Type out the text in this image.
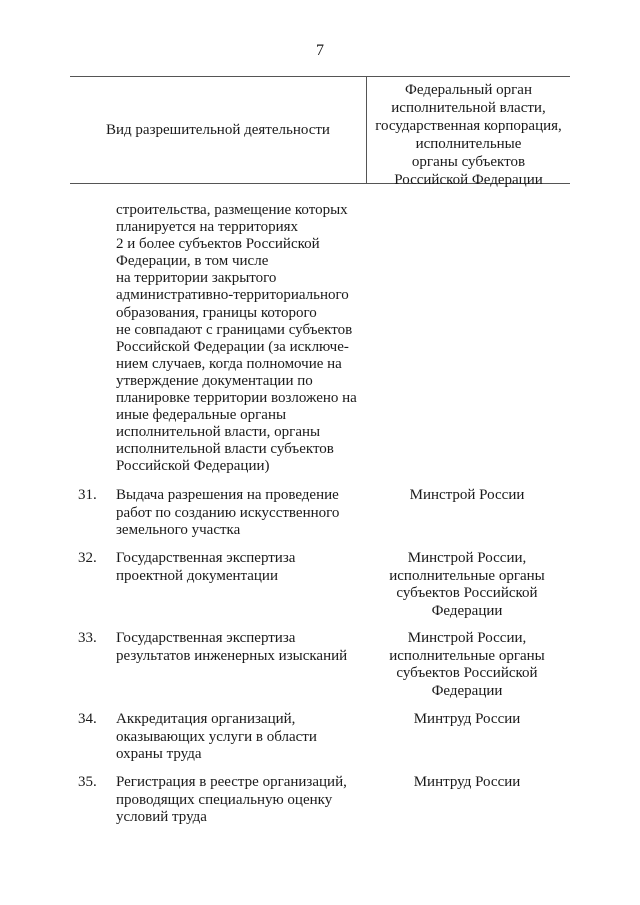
7
Вид разрешительной деятельности
Федеральный орган
исполнительной власти,
государственная корпорация,
исполнительные
органы субъектов
Российской Федерации
строительства, размещение которых
планируется на территориях
2 и более субъектов Российской
Федерации, в том числе
на территории закрытого
административно-территориального
образования, границы которого
не совпадают с границами субъектов
Российской Федерации (за исключе-
нием случаев, когда полномочие на
утверждение документации по
планировке территории возложено на
иные федеральные органы
исполнительной власти, органы
исполнительной власти субъектов
Российской Федерации)
31. Выдача разрешения на проведение
работ по созданию искусственного
земельного участка
Минстрой России
32. Государственная экспертиза
проектной документации
Минстрой России,
исполнительные органы
субъектов Российской
Федерации
33. Государственная экспертиза
результатов инженерных изысканий
Минстрой России,
исполнительные органы
субъектов Российской
Федерации
34. Аккредитация организаций,
оказывающих услуги в области
охраны труда
Минтруд России
35. Регистрация в реестре организаций,
проводящих специальную оценку
условий труда
Минтруд России
